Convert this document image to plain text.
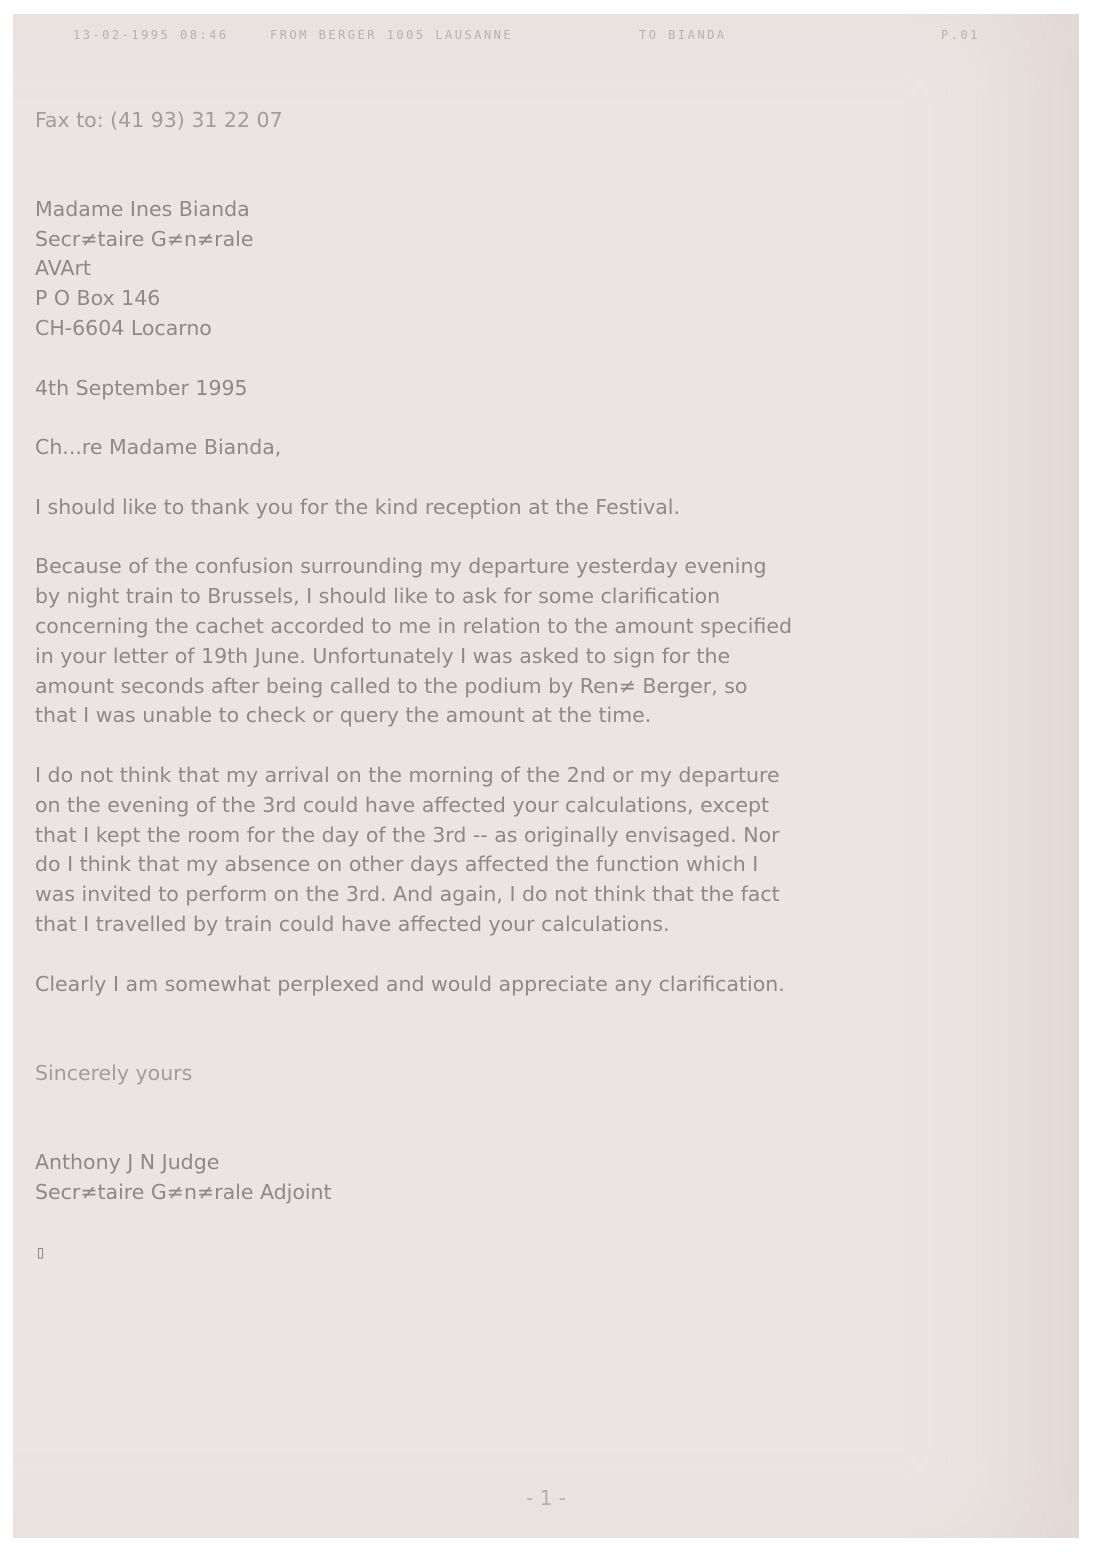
13-02-1995 08:46	FROM BERGER 1005 LAUSANNE	TO BIANDA	P.01

Fax to: (41 93) 31 22 07

Madame Ines Bianda
Secr≠taire G≠n≠rale
AVArt
P O Box 146
CH-6604 Locarno

4th September 1995

Ch...re Madame Bianda,

I should like to thank you for the kind reception at the Festival.

Because of the confusion surrounding my departure yesterday evening by night train to Brussels, I should like to ask for some clarification concerning the cachet accorded to me in relation to the amount specified in your letter of 19th June. Unfortunately I was asked to sign for the amount seconds after being called to the podium by Ren≠ Berger, so that I was unable to check or query the amount at the time.

I do not think that my arrival on the morning of the 2nd or my departure on the evening of the 3rd could have affected your calculations, except that I kept the room for the day of the 3rd -- as originally envisaged. Nor do I think that my absence on other days affected the function which I was invited to perform on the 3rd. And again, I do not think that the fact that I travelled by train could have affected your calculations.

Clearly I am somewhat perplexed and would appreciate any clarification.

Sincerely yours

Anthony J N Judge
Secr≠taire G≠n≠rale Adjoint

▯

- 1 -
